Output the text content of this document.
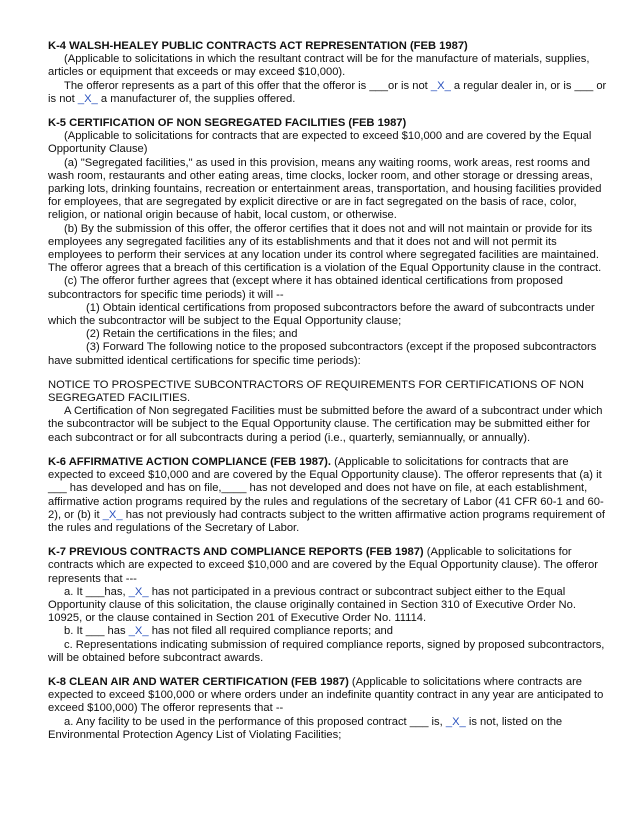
K-4 WALSH-HEALEY PUBLIC CONTRACTS ACT REPRESENTATION (FEB 1987)

(Applicable to solicitations in which the resultant contract will be for the manufacture of materials, supplies, articles or equipment that exceeds or may exceed $10,000).

The offeror represents as a part of this offer that the offeror is ___or is not _X_ a regular dealer in, or is ___ or is not _X_ a manufacturer of, the supplies offered.

K-5 CERTIFICATION OF NON SEGREGATED FACILITIES (FEB 1987)

(Applicable to solicitations for contracts that are expected to exceed $10,000 and are covered by the Equal Opportunity Clause)

(a) "Segregated facilities," as used in this provision, means any waiting rooms, work areas, rest rooms and wash room, restaurants and other eating areas, time clocks, locker room, and other storage or dressing areas, parking lots, drinking fountains, recreation or entertainment areas, transportation, and housing facilities provided for employees, that are segregated by explicit directive or are in fact segregated on the basis of race, color, religion, or national origin because of habit, local custom, or otherwise.

(b) By the submission of this offer, the offeror certifies that it does not and will not maintain or provide for its employees any segregated facilities any of its establishments and that it does not and will not permit its employees to perform their services at any location under its control where segregated facilities are maintained. The offeror agrees that a breach of this certification is a violation of the Equal Opportunity clause in the contract.

(c) The offeror further agrees that (except where it has obtained identical certifications from proposed subcontractors for specific time periods) it will --

(1) Obtain identical certifications from proposed subcontractors before the award of subcontracts under which the subcontractor will be subject to the Equal Opportunity clause;

(2) Retain the certifications in the files; and

(3) Forward The following notice to the proposed subcontractors (except if the proposed subcontractors have submitted identical certifications for specific time periods):

NOTICE TO PROSPECTIVE SUBCONTRACTORS OF REQUIREMENTS FOR CERTIFICATIONS OF NON SEGREGATED FACILITIES.

A Certification of Non segregated Facilities must be submitted before the award of a subcontract under which the subcontractor will be subject to the Equal Opportunity clause. The certification may be submitted either for each subcontract or for all subcontracts during a period (i.e., quarterly, semiannually, or annually).

K-6 AFFIRMATIVE ACTION COMPLIANCE (FEB 1987). (Applicable to solicitations for contracts that are expected to exceed $10,000 and are covered by the Equal Opportunity clause). The offeror represents that (a) it ___ has developed and has on file,____ has not developed and does not have on file, at each establishment, affirmative action programs required by the rules and regulations of the secretary of Labor (41 CFR 60-1 and 60-2), or (b) it _X_ has not previously had contracts subject to the written affirmative action programs requirement of the rules and regulations of the Secretary of Labor.

K-7 PREVIOUS CONTRACTS AND COMPLIANCE REPORTS (FEB 1987) (Applicable to solicitations for contracts which are expected to exceed $10,000 and are covered by the Equal Opportunity clause). The offeror represents that ---

a. It ___has, _X_ has not participated in a previous contract or subcontract subject either to the Equal Opportunity clause of this solicitation, the clause originally contained in Section 310 of Executive Order No. 10925, or the clause contained in Section 201 of Executive Order No. 11114.

b. It ___ has _X_ has not filed all required compliance reports; and

c. Representations indicating submission of required compliance reports, signed by proposed subcontractors, will be obtained before subcontract awards.

K-8 CLEAN AIR AND WATER CERTIFICATION (FEB 1987) (Applicable to solicitations where contracts are expected to exceed $100,000 or where orders under an indefinite quantity contract in any year are anticipated to exceed $100,000) The offeror represents that --

a. Any facility to be used in the performance of this proposed contract ___ is, _X_ is not, listed on the Environmental Protection Agency List of Violating Facilities;
